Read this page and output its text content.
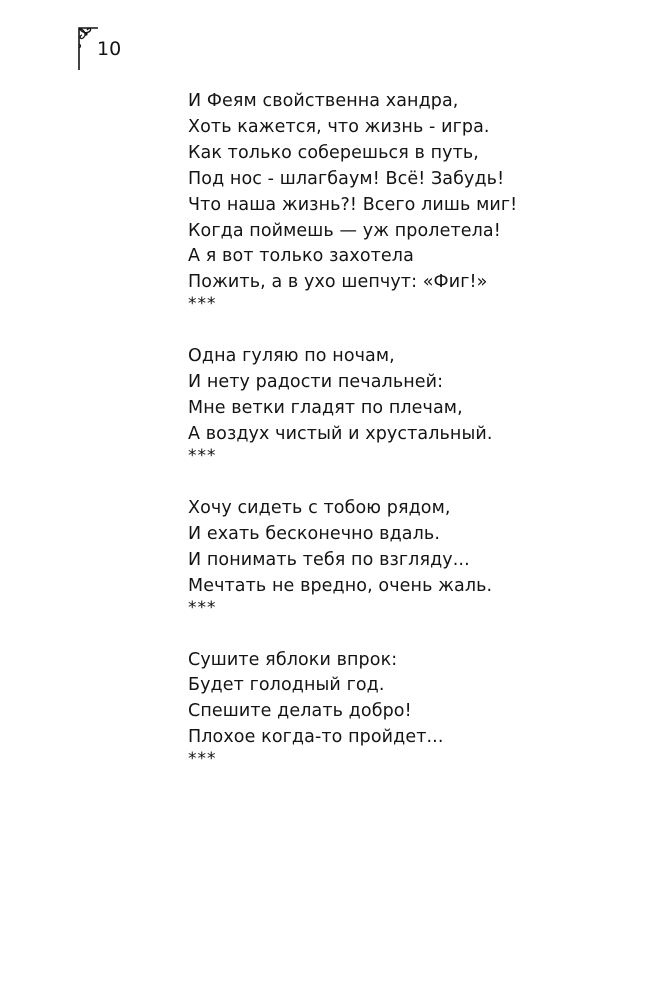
10
И Феям свойственна хандра,
Хоть кажется, что жизнь - игра.
Как только соберешься в путь,
Под нос - шлагбаум! Всё! Забудь!
Что наша жизнь?! Всего лишь миг!
Когда поймешь — уж пролетела!
А я вот только захотела
Пожить, а в ухо шепчут: «Фиг!»
***
Одна гуляю по ночам,
И нету радости печальней:
Мне ветки гладят по плечам,
А воздух чистый и хрустальный.
***
Хочу сидеть с тобою рядом,
И ехать бесконечно вдаль.
И понимать тебя по взгляду...
Мечтать не вредно, очень жаль.
***
Сушите яблоки впрок:
Будет голодный год.
Спешите делать добро!
Плохое когда-то пройдет...
***
